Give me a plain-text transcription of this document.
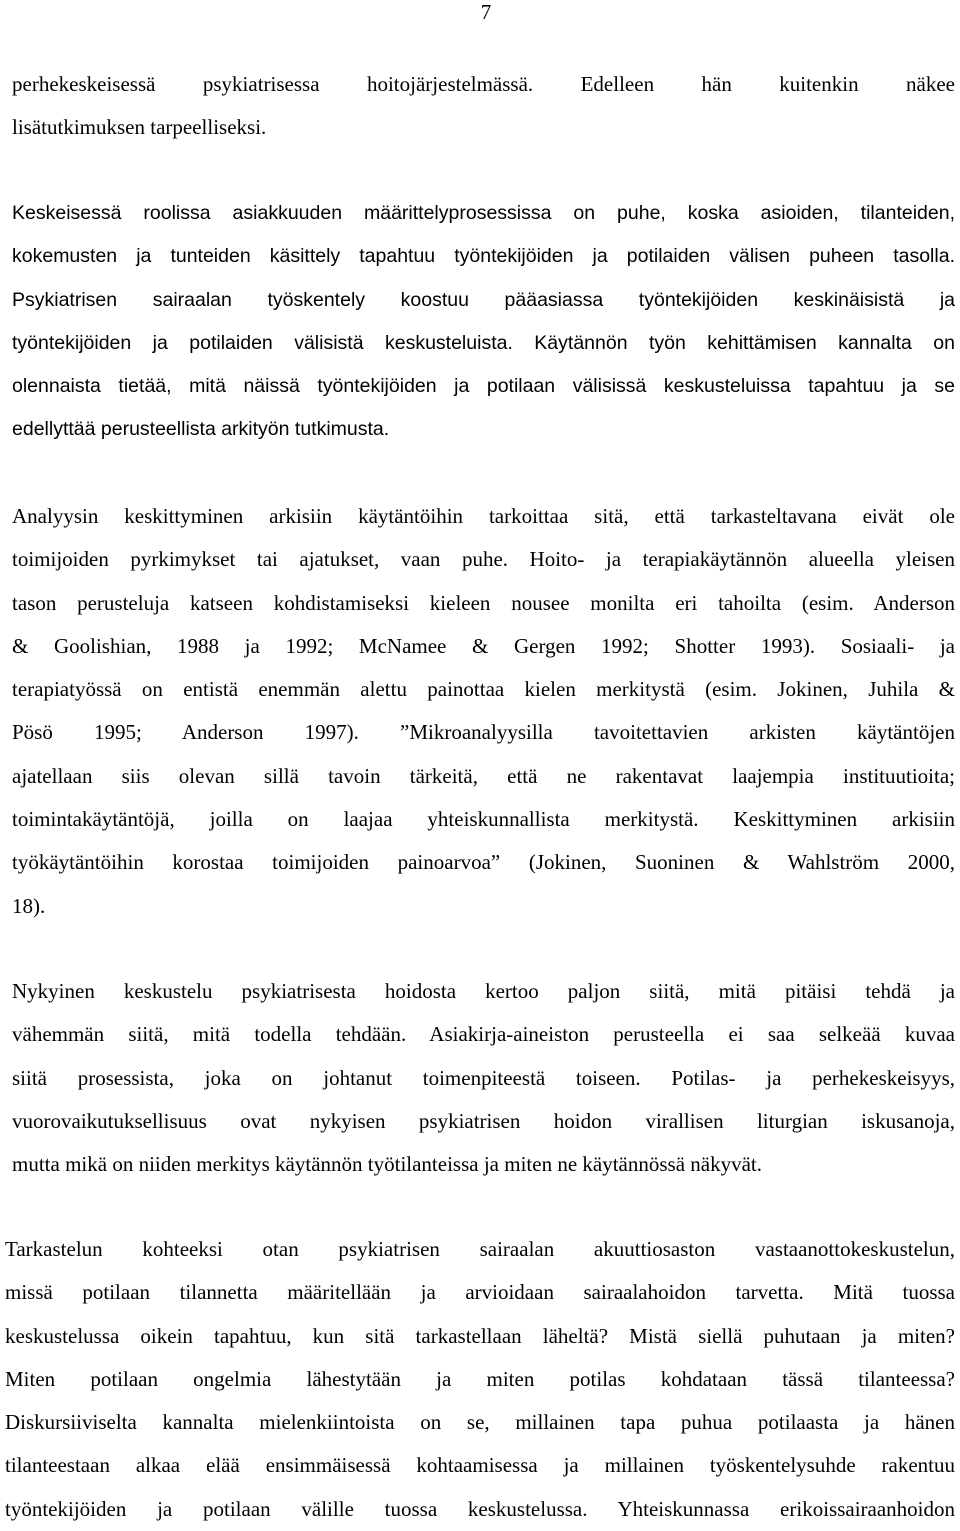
7
perhekeskeisessä psykiatrisessa hoitojärjestelmässä. Edelleen hän kuitenkin näkee
lisätutkimuksen tarpeelliseksi.
Keskeisessä roolissa asiakkuuden määrittelyprosessissa on puhe, koska asioiden, tilanteiden,
kokemusten ja tunteiden käsittely tapahtuu työntekijöiden ja potilaiden välisen puheen tasolla.
Psykiatrisen sairaalan työskentely koostuu pääasiassa työntekijöiden keskinäisistä ja
työntekijöiden ja potilaiden välisistä keskusteluista. Käytännön työn kehittämisen kannalta on
olennaista tietää, mitä näissä työntekijöiden ja potilaan välisissä keskusteluissa tapahtuu ja se
edellyttää perusteellista arkityön tutkimusta.
Analyysin keskittyminen arkisiin käytäntöihin tarkoittaa sitä, että tarkasteltavana eivät ole
toimijoiden pyrkimykset tai ajatukset, vaan puhe. Hoito- ja terapiakäytännön alueella yleisen
tason perusteluja katseen kohdistamiseksi kieleen nousee monilta eri tahoilta (esim. Anderson
& Goolishian, 1988 ja 1992; McNamee & Gergen 1992; Shotter 1993). Sosiaali- ja
terapiatyössä on entistä enemmän alettu painottaa kielen merkitystä (esim. Jokinen, Juhila &
Pösö 1995; Anderson 1997). ”Mikroanalyysilla tavoitettavien arkisten käytäntöjen
ajatellaan siis olevan sillä tavoin tärkeitä, että ne rakentavat laajempia instituutioita;
toimintakäytäntöjä, joilla on laajaa yhteiskunnallista merkitystä. Keskittyminen arkisiin
työkäytäntöihin korostaa toimijoiden painoarvoa” (Jokinen, Suoninen & Wahlström 2000,
18).
Nykyinen keskustelu psykiatrisesta hoidosta kertoo paljon siitä, mitä pitäisi tehdä ja
vähemmän siitä, mitä todella tehdään. Asiakirja-aineiston perusteella ei saa selkeää kuvaa
siitä prosessista, joka on johtanut toimenpiteestä toiseen. Potilas- ja perhekeskeisyys,
vuorovaikutuksellisuus ovat nykyisen psykiatrisen hoidon virallisen liturgian iskusanoja,
mutta mikä on niiden merkitys käytännön työtilanteissa ja miten ne käytännössä näkyvät.
Tarkastelun kohteeksi otan psykiatrisen sairaalan akuuttiosaston vastaanottokeskustelun,
missä potilaan tilannetta määritellään ja arvioidaan sairaalahoidon tarvetta. Mitä tuossa
keskustelussa oikein tapahtuu, kun sitä tarkastellaan läheltä? Mistä siellä puhutaan ja miten?
Miten potilaan ongelmia lähestytään ja miten potilas kohdataan tässä tilanteessa?
Diskursiiviselta kannalta mielenkiintoista on se, millainen tapa puhua potilaasta ja hänen
tilanteestaan alkaa elää ensimmäisessä kohtaamisessa ja millainen työskentelysuhde rakentuu
työntekijöiden ja potilaan välille tuossa keskustelussa. Yhteiskunnassa erikoissairaanhoidon
